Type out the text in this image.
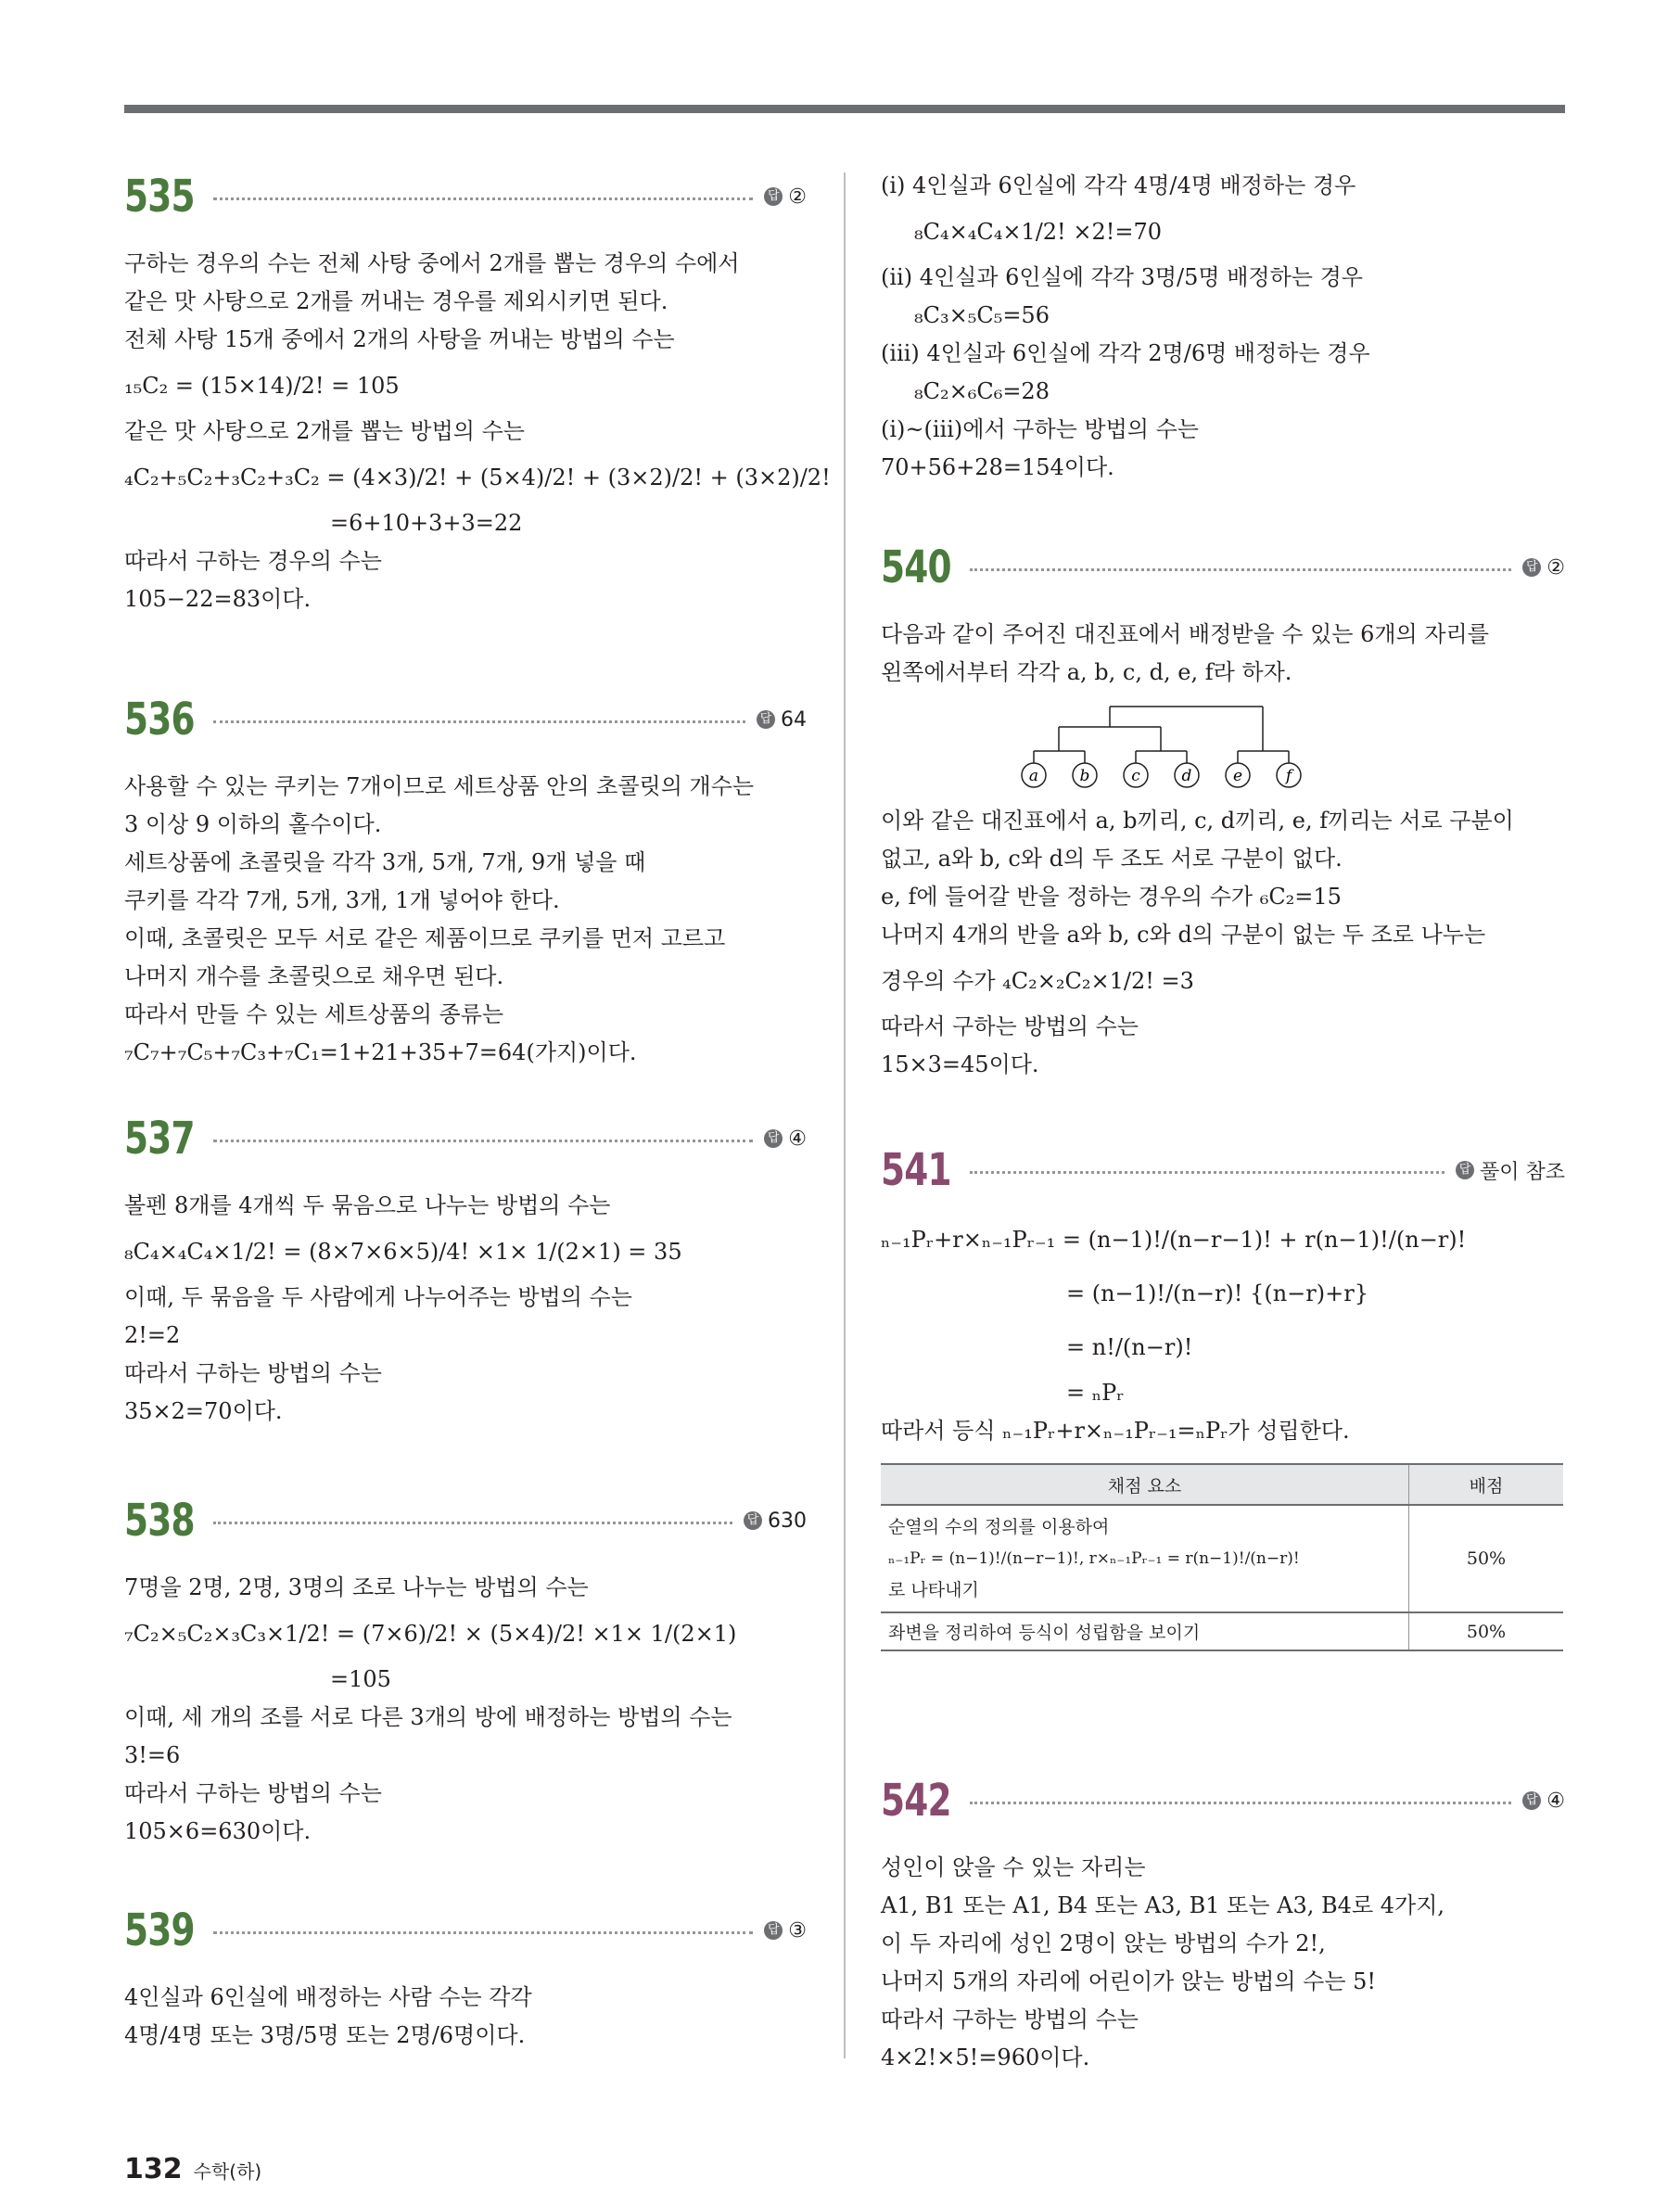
535	답 ②
구하는 경우의 수는 전체 사탕 중에서 2개를 뽑는 경우의 수에서
같은 맛 사탕으로 2개를 꺼내는 경우를 제외시키면 된다.
전체 사탕 15개 중에서 2개의 사탕을 꺼내는 방법의 수는
₁₅C₂ = (15×14)/2! = 105
같은 맛 사탕으로 2개를 뽑는 방법의 수는
₄C₂+₅C₂+₃C₂+₃C₂ = (4×3)/2! + (5×4)/2! + (3×2)/2! + (3×2)/2!
=6+10+3+3=22
따라서 구하는 경우의 수는
105−22=83이다.
536	답 64
사용할 수 있는 쿠키는 7개이므로 세트상품 안의 초콜릿의 개수는
3 이상 9 이하의 홀수이다.
세트상품에 초콜릿을 각각 3개, 5개, 7개, 9개 넣을 때
쿠키를 각각 7개, 5개, 3개, 1개 넣어야 한다.
이때, 초콜릿은 모두 서로 같은 제품이므로 쿠키를 먼저 고르고
나머지 개수를 초콜릿으로 채우면 된다.
따라서 만들 수 있는 세트상품의 종류는
₇C₇+₇C₅+₇C₃+₇C₁=1+21+35+7=64(가지)이다.
537	답 ④
볼펜 8개를 4개씩 두 묶음으로 나누는 방법의 수는
₈C₄×₄C₄×1/2! = (8×7×6×5)/4! ×1× 1/(2×1) = 35
이때, 두 묶음을 두 사람에게 나누어주는 방법의 수는
2!=2
따라서 구하는 방법의 수는
35×2=70이다.
538	답 630
7명을 2명, 2명, 3명의 조로 나누는 방법의 수는
₇C₂×₅C₂×₃C₃×1/2! = (7×6)/2! × (5×4)/2! ×1× 1/(2×1)
=105
이때, 세 개의 조를 서로 다른 3개의 방에 배정하는 방법의 수는
3!=6
따라서 구하는 방법의 수는
105×6=630이다.
539	답 ③
4인실과 6인실에 배정하는 사람 수는 각각
4명/4명 또는 3명/5명 또는 2명/6명이다.
(ⅰ) 4인실과 6인실에 각각 4명/4명 배정하는 경우
₈C₄×₄C₄×1/2! ×2!=70
(ⅱ) 4인실과 6인실에 각각 3명/5명 배정하는 경우
₈C₃×₅C₅=56
(ⅲ) 4인실과 6인실에 각각 2명/6명 배정하는 경우
₈C₂×₆C₆=28
(ⅰ)~(ⅲ)에서 구하는 방법의 수는
70+56+28=154이다.
540	답 ②
다음과 같이 주어진 대진표에서 배정받을 수 있는 6개의 자리를
왼쪽에서부터 각각 a, b, c, d, e, f라 하자.
a	b	c	d	e	f
이와 같은 대진표에서 a, b끼리, c, d끼리, e, f끼리는 서로 구분이
없고, a와 b, c와 d의 두 조도 서로 구분이 없다.
e, f에 들어갈 반을 정하는 경우의 수가 ₆C₂=15
나머지 4개의 반을 a와 b, c와 d의 구분이 없는 두 조로 나누는
경우의 수가 ₄C₂×₂C₂×1/2! =3
따라서 구하는 방법의 수는
15×3=45이다.
541	답 풀이 참조
ₙ₋₁Pᵣ+r×ₙ₋₁Pᵣ₋₁ = (n−1)!/(n−r−1)! + r(n−1)!/(n−r)!
= (n−1)!/(n−r)! {(n−r)+r}
= n!/(n−r)!
= ₙPᵣ
따라서 등식 ₙ₋₁Pᵣ+r×ₙ₋₁Pᵣ₋₁=ₙPᵣ가 성립한다.
채점 요소	배점

순열의 수의 정의를 이용하여
ₙ₋₁Pᵣ = (n−1)!/(n−r−1)!, r×ₙ₋₁Pᵣ₋₁ = r(n−1)!/(n−r)!
로 나타내기	50%
좌변을 정리하여 등식이 성립함을 보이기	50%
542	답 ④
성인이 앉을 수 있는 자리는
A1, B1 또는 A1, B4 또는 A3, B1 또는 A3, B4로 4가지,
이 두 자리에 성인 2명이 앉는 방법의 수가 2!,
나머지 5개의 자리에 어린이가 앉는 방법의 수는 5!
따라서 구하는 방법의 수는
4×2!×5!=960이다.
132 수학(하)
